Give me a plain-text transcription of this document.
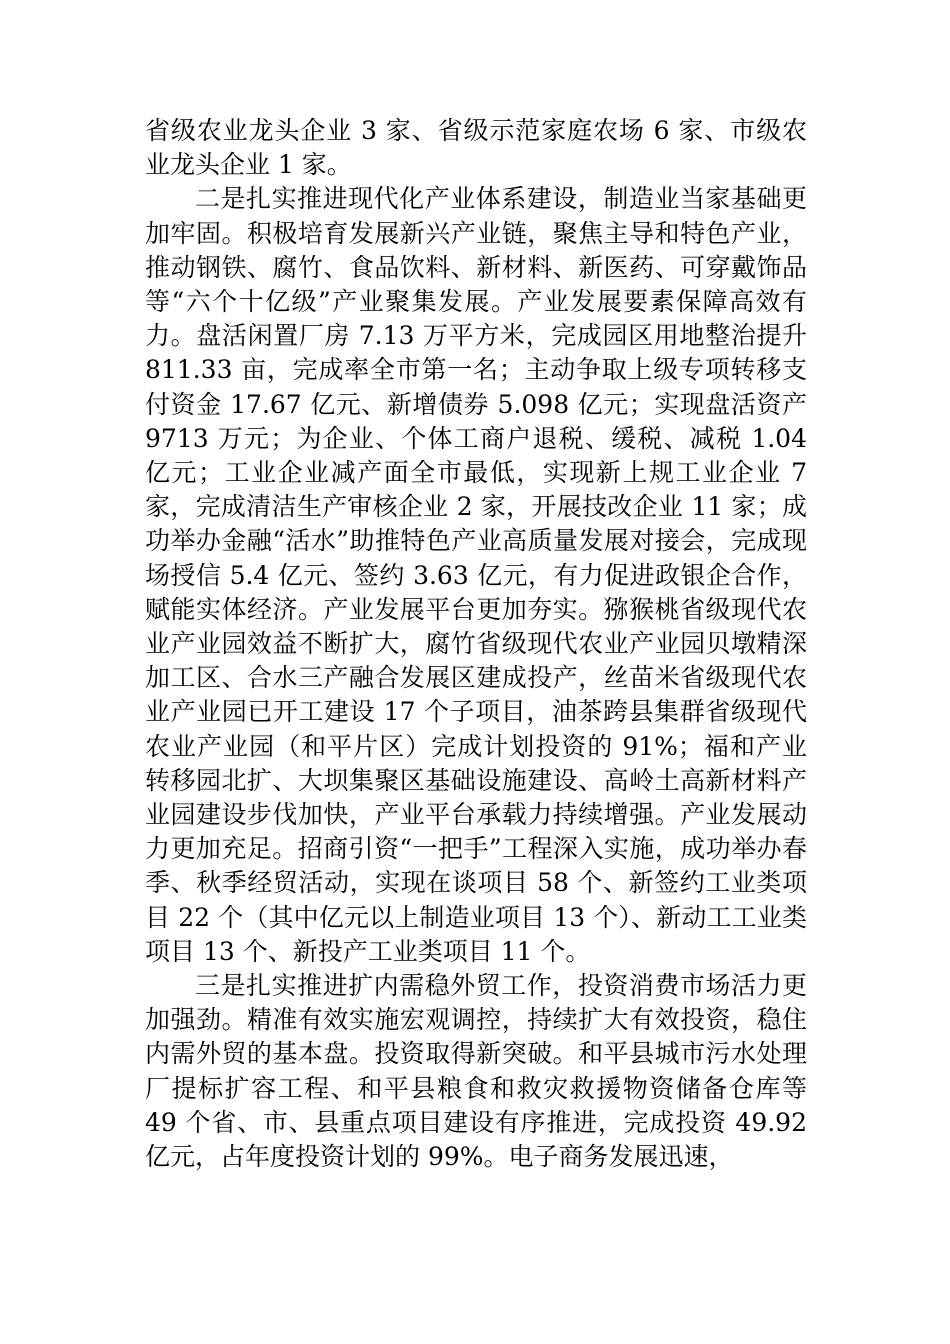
省级农业龙头企业 3 家、省级示范家庭农场 6 家、市级农业龙头企业 1 家。

二是扎实推进现代化产业体系建设，制造业当家基础更加牢固。积极培育发展新兴产业链，聚焦主导和特色产业，推动钢铁、腐竹、食品饮料、新材料、新医药、可穿戴饰品等“六个十亿级”产业聚集发展。产业发展要素保障高效有力。盘活闲置厂房 7.13 万平方米，完成园区用地整治提升 811.33 亩，完成率全市第一名；主动争取上级专项转移支付资金 17.67 亿元、新增债券 5.098 亿元；实现盘活资产 9713 万元；为企业、个体工商户退税、缓税、减税 1.04 亿元；工业企业减产面全市最低，实现新上规工业企业 7 家，完成清洁生产审核企业 2 家，开展技改企业 11 家；成功举办金融“活水”助推特色产业高质量发展对接会，完成现场授信 5.4 亿元、签约 3.63 亿元，有力促进政银企合作，赋能实体经济。产业发展平台更加夯实。猕猴桃省级现代农业产业园效益不断扩大，腐竹省级现代农业产业园贝墩精深加工区、合水三产融合发展区建成投产，丝苗米省级现代农业产业园已开工建设 17 个子项目，油茶跨县集群省级现代农业产业园（和平片区）完成计划投资的 91%；福和产业转移园北扩、大坝集聚区基础设施建设、高岭土高新材料产业园建设步伐加快，产业平台承载力持续增强。产业发展动力更加充足。招商引资“一把手”工程深入实施，成功举办春季、秋季经贸活动，实现在谈项目 58 个、新签约工业类项目 22 个（其中亿元以上制造业项目 13 个）、新动工工业类项目 13 个、新投产工业类项目 11 个。

三是扎实推进扩内需稳外贸工作，投资消费市场活力更加强劲。精准有效实施宏观调控，持续扩大有效投资，稳住内需外贸的基本盘。投资取得新突破。和平县城市污水处理厂提标扩容工程、和平县粮食和救灾救援物资储备仓库等 49 个省、市、县重点项目建设有序推进，完成投资 49.92 亿元，占年度投资计划的 99%。电子商务发展迅速，
